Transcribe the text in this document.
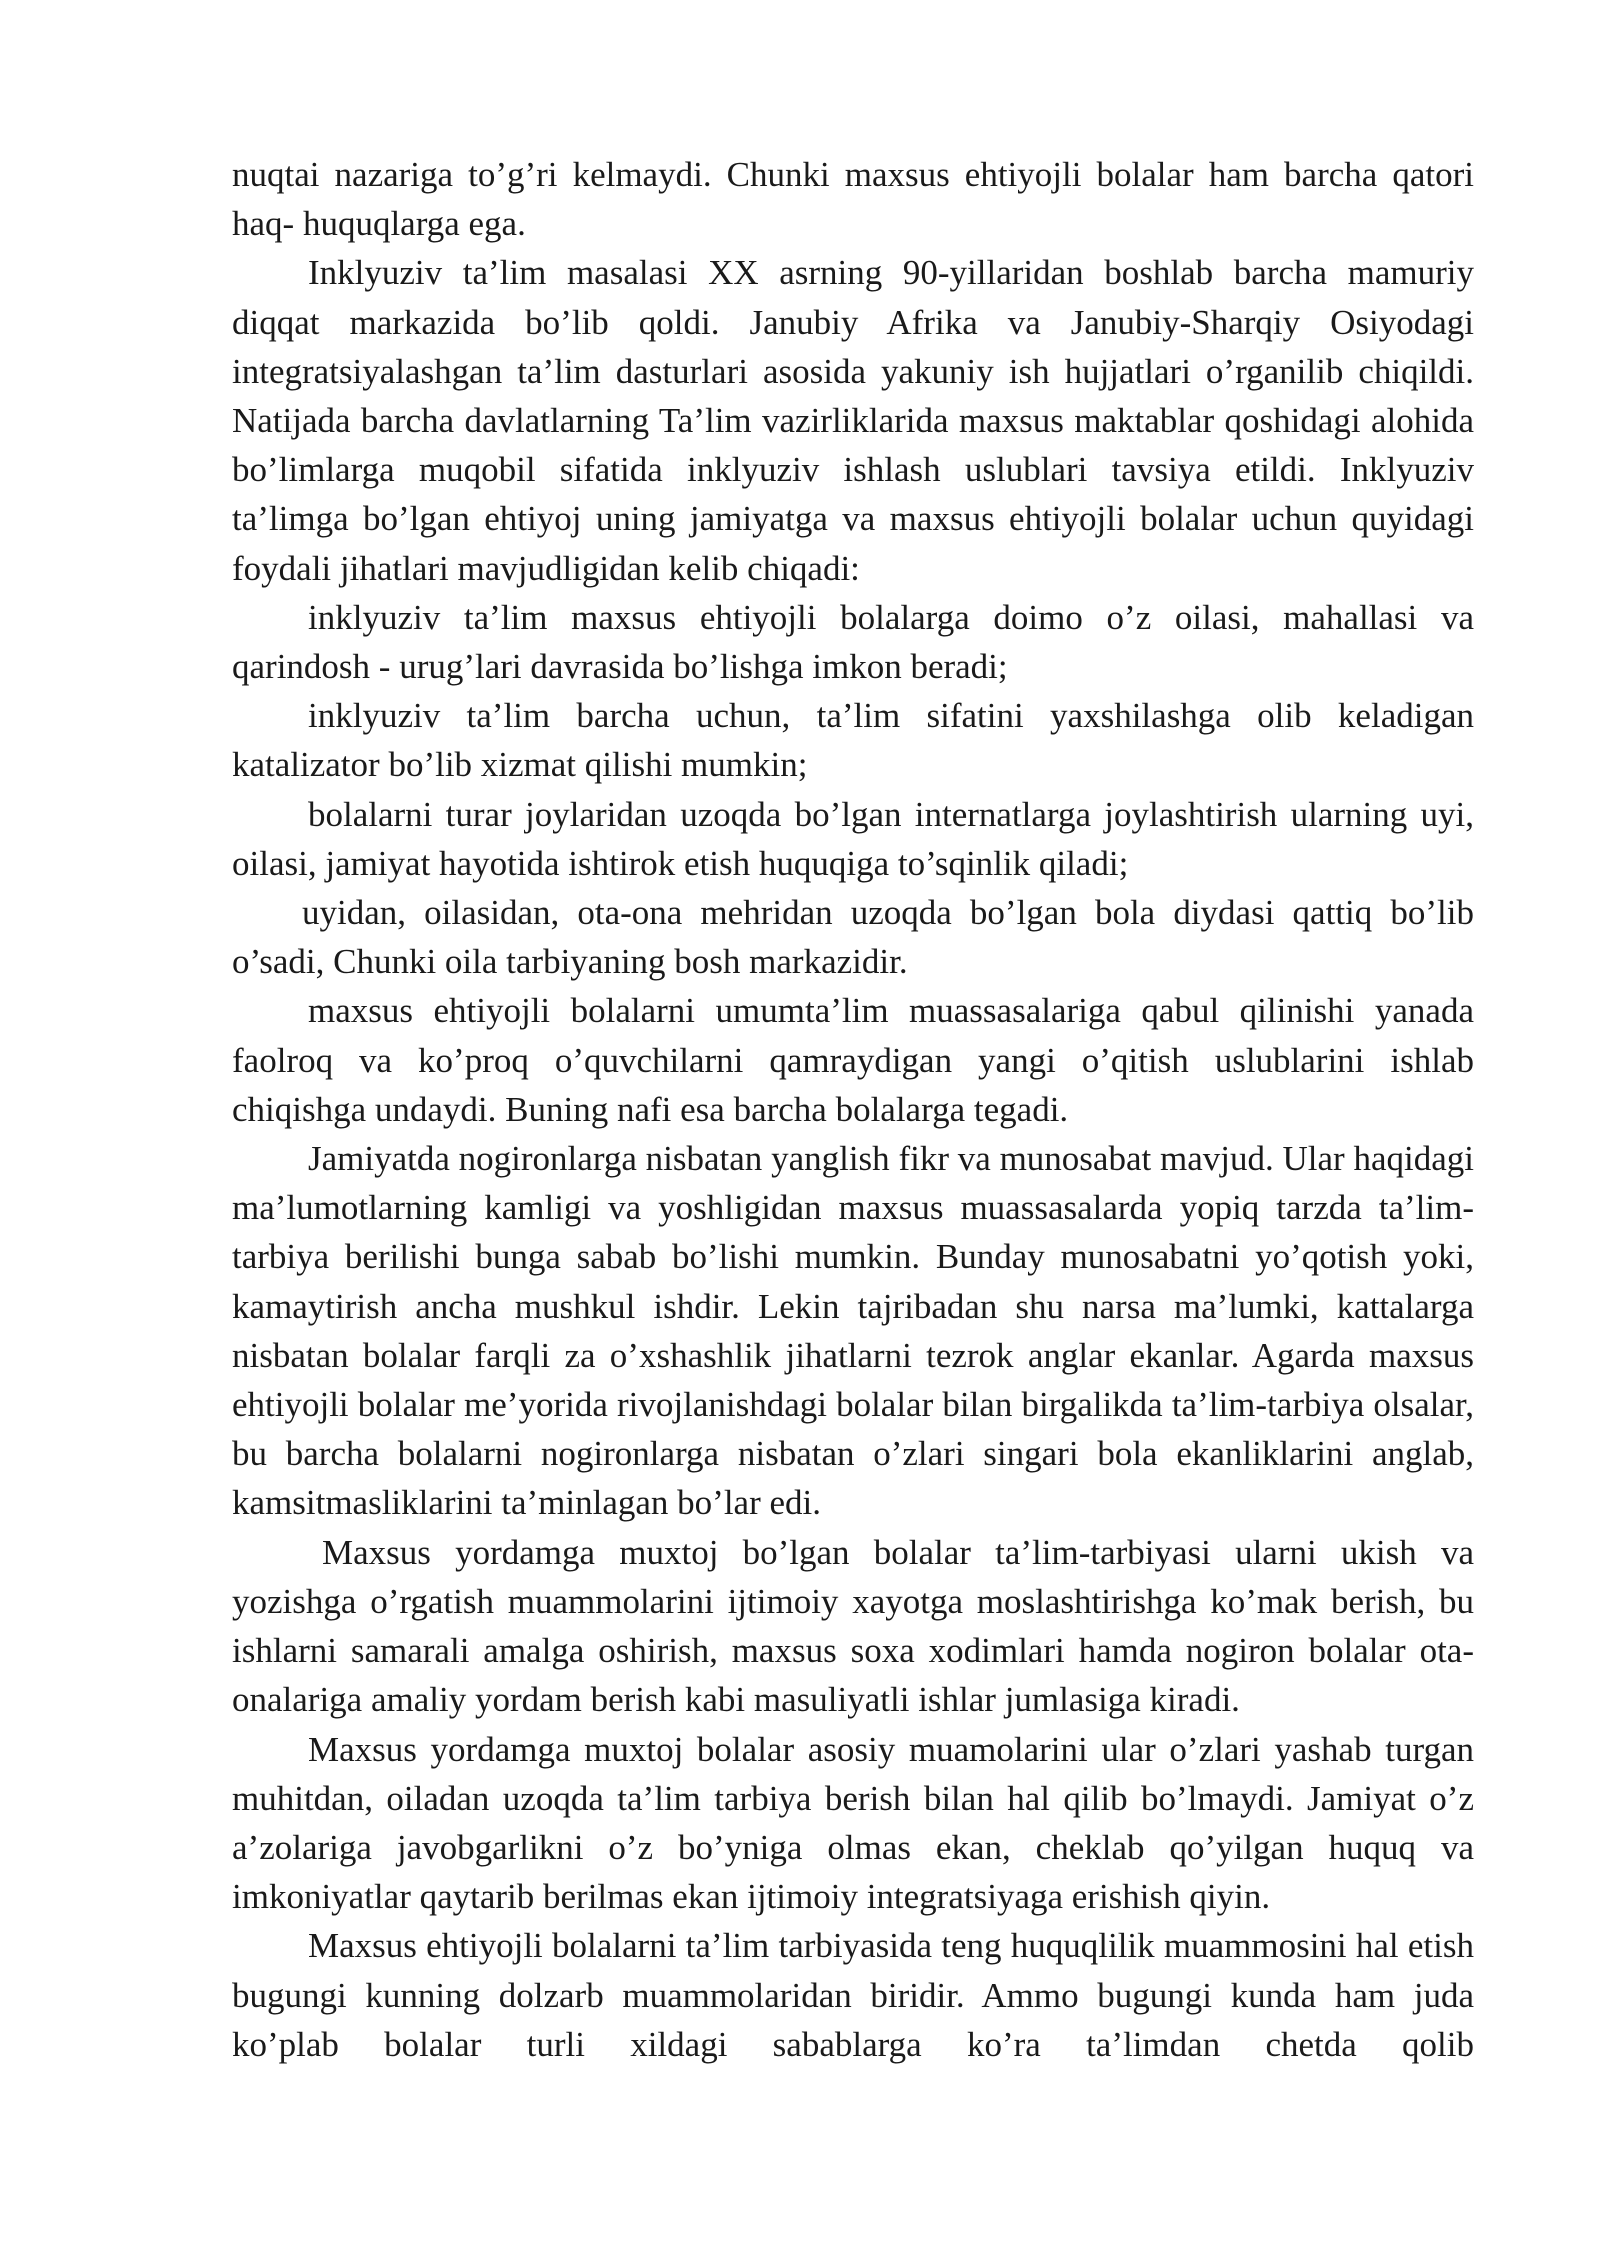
nuqtai nazariga to’g’ri kelmaydi. Chunki maxsus ehtiyojli bolalar ham barcha qatori haq- huquqlarga ega.

Inklyuziv ta’lim masalasi XX asrning 90-yillaridan boshlab barcha mamuriy diqqat markazida bo’lib qoldi. Janubiy Afrika va Janubiy-Sharqiy Osiyodagi integratsiyalashgan ta’lim dasturlari asosida yakuniy ish hujjatlari o’rganilib chiqildi. Natijada barcha davlatlarning Ta’lim vazirliklarida maxsus maktablar qoshidagi alohida bo’limlarga muqobil sifatida inklyuziv ishlash uslublari tavsiya etildi. Inklyuziv ta’limga bo’lgan ehtiyoj uning jamiyatga va maxsus ehtiyojli bolalar uchun quyidagi foydali jihatlari mavjudligidan kelib chiqadi:

inklyuziv ta’lim maxsus ehtiyojli bolalarga doimo o’z oilasi, mahallasi va qarindosh - urug’lari davrasida bo’lishga imkon beradi;

inklyuziv ta’lim barcha uchun, ta’lim sifatini yaxshilashga olib keladigan katalizator bo’lib xizmat qilishi mumkin;

bolalarni turar joylaridan uzoqda bo’lgan internatlarga joylashtirish ularning uyi, oilasi, jamiyat hayotida ishtirok etish huquqiga to’sqinlik qiladi;

uyidan, oilasidan, ota-ona mehridan uzoqda bo’lgan bola diydasi qattiq bo’lib o’sadi, Chunki oila tarbiyaning bosh markazidir.

maxsus ehtiyojli bolalarni umumta’lim muassasalariga qabul qilinishi yanada faolroq va ko’proq o’quvchilarni qamraydigan yangi o’qitish uslublarini ishlab chiqishga undaydi. Buning nafi esa barcha bolalarga tegadi.

Jamiyatda nogironlarga nisbatan yanglish fikr va munosabat mavjud. Ular haqidagi ma’lumotlarning kamligi va yoshligidan maxsus muassasalarda yopiq tarzda ta’lim-tarbiya berilishi bunga sabab bo’lishi mumkin. Bunday munosabatni yo’qotish yoki, kamaytirish ancha mushkul ishdir. Lekin tajribadan shu narsa ma’lumki, kattalarga nisbatan bolalar farqli za o’xshashlik jihatlarni tezrok anglar ekanlar. Agarda maxsus ehtiyojli bolalar me’yorida rivojlanishdagi bolalar bilan birgalikda ta’lim-tarbiya olsalar, bu barcha bolalarni nogironlarga nisbatan o’zlari singari bola ekanliklarini anglab, kamsitmasliklarini ta’minlagan bo’lar edi.

Maxsus yordamga muxtoj bo’lgan bolalar ta’lim-tarbiyasi ularni ukish va yozishga o’rgatish muammolarini ijtimoiy xayotga moslashtirishga ko’mak berish, bu ishlarni samarali amalga oshirish, maxsus soxa xodimlari hamda nogiron bolalar ota-onalariga amaliy yordam berish kabi masuliyatli ishlar jumlasiga kiradi.

Maxsus yordamga muxtoj bolalar asosiy muamolarini ular o’zlari yashab turgan muhitdan, oiladan uzoqda ta’lim tarbiya berish bilan hal qilib bo’lmaydi. Jamiyat o’z a’zolariga javobgarlikni o’z bo’yniga olmas ekan, cheklab qo’yilgan huquq va imkoniyatlar qaytarib berilmas ekan ijtimoiy integratsiyaga erishish qiyin.

Maxsus ehtiyojli bolalarni ta’lim tarbiyasida teng huquqlilik muammosini hal etish bugungi kunning dolzarb muammolaridan biridir. Ammo bugungi kunda ham juda ko’plab bolalar turli xildagi sabablarga ko’ra ta’limdan chetda qolib
